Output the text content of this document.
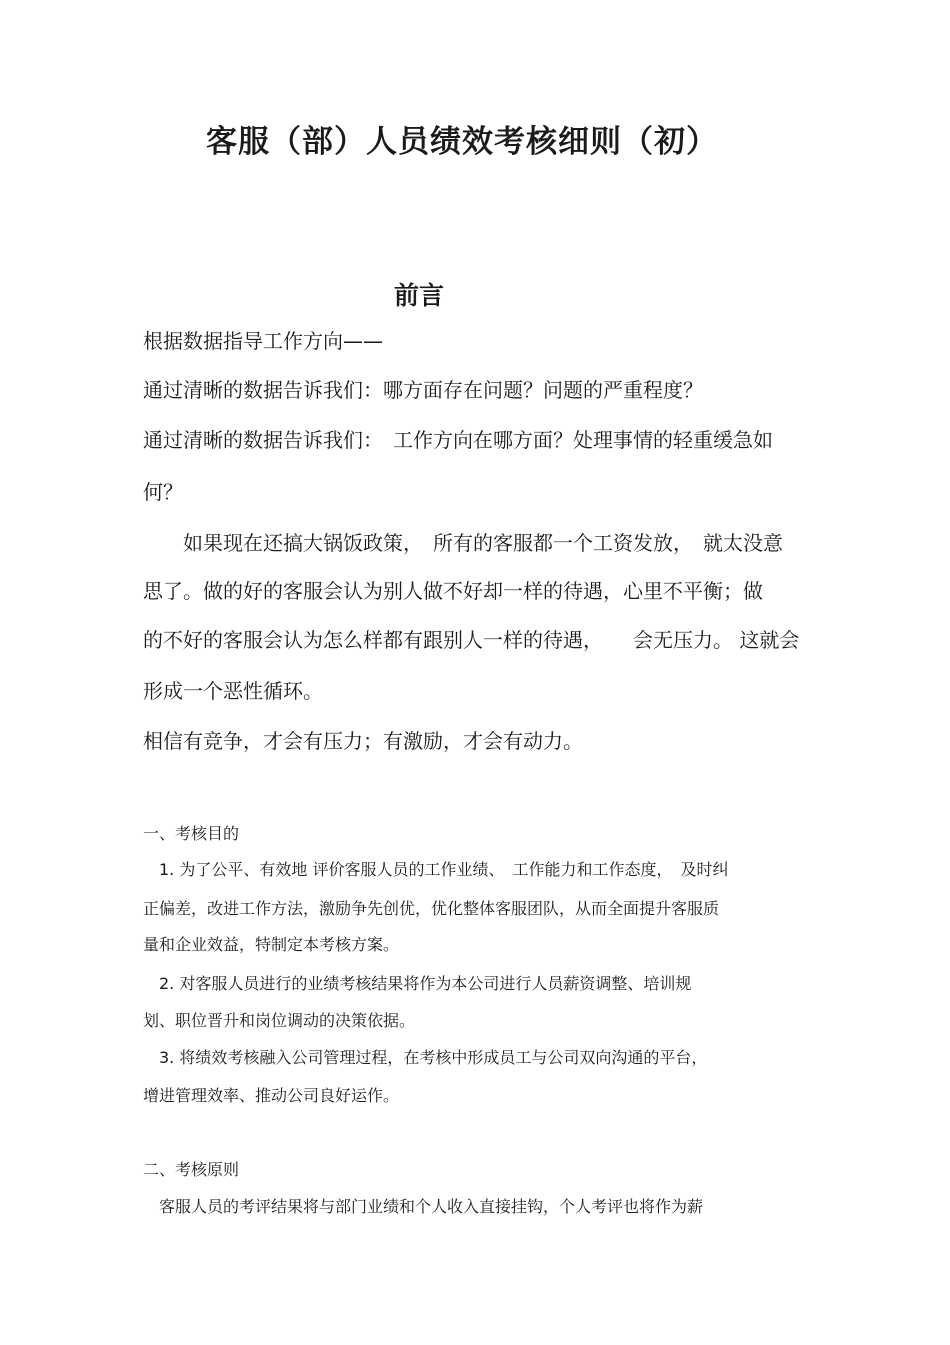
客服（部）人员绩效考核细则（初）
前言

根据数据指导工作方向——

通过清晰的数据告诉我们：哪方面存在问题？问题的严重程度？

通过清晰的数据告诉我们：　工作方向在哪方面？处理事情的轻重缓急如

何？

　　如果现在还搞大锅饭政策，　所有的客服都一个工资发放，　就太没意

思了。做的好的客服会认为别人做不好却一样的待遇，心里不平衡；做

的不好的客服会认为怎么样都有跟别人一样的待遇，　　会无压力。 这就会

形成一个恶性循环。

相信有竞争，才会有压力；有激励，才会有动力。

一、考核目的

　1. 为了公平、有效地 评价客服人员的工作业绩、　工作能力和工作态度，　及时纠

正偏差，改进工作方法，激励争先创优，优化整体客服团队，从而全面提升客服质

量和企业效益，特制定本考核方案。

　2. 对客服人员进行的业绩考核结果将作为本公司进行人员薪资调整、培训规

划、职位晋升和岗位调动的决策依据。

　3. 将绩效考核融入公司管理过程，在考核中形成员工与公司双向沟通的平台，

增进管理效率、推动公司良好运作。

二、考核原则

　客服人员的考评结果将与部门业绩和个人收入直接挂钩，个人考评也将作为薪
